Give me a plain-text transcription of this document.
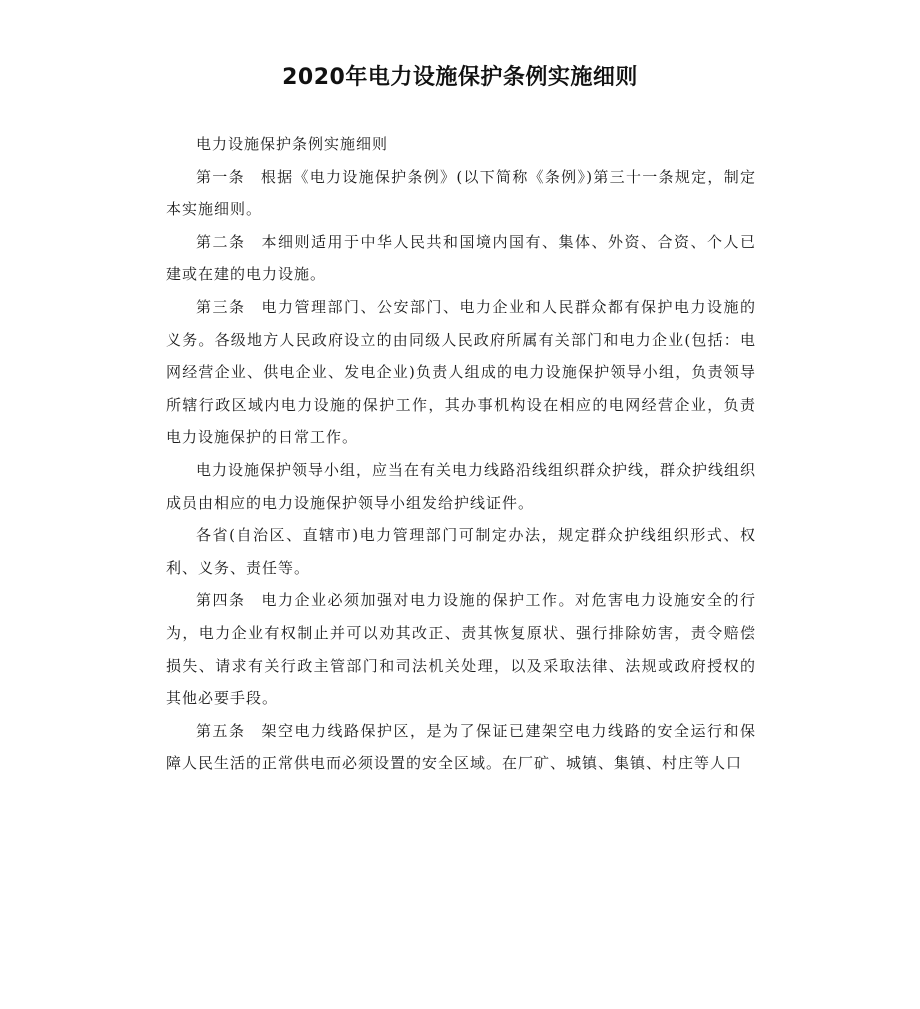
2020年电力设施保护条例实施细则

电力设施保护条例实施细则

第一条 根据《电力设施保护条例》(以下简称《条例》)第三十一条规定，制定本实施细则。

第二条 本细则适用于中华人民共和国境内国有、集体、外资、合资、个人已建或在建的电力设施。

第三条 电力管理部门、公安部门、电力企业和人民群众都有保护电力设施的义务。各级地方人民政府设立的由同级人民政府所属有关部门和电力企业(包括：电网经营企业、供电企业、发电企业)负责人组成的电力设施保护领导小组，负责领导所辖行政区域内电力设施的保护工作，其办事机构设在相应的电网经营企业，负责电力设施保护的日常工作。

电力设施保护领导小组，应当在有关电力线路沿线组织群众护线，群众护线组织成员由相应的电力设施保护领导小组发给护线证件。

各省(自治区、直辖市)电力管理部门可制定办法，规定群众护线组织形式、权利、义务、责任等。

第四条 电力企业必须加强对电力设施的保护工作。对危害电力设施安全的行为，电力企业有权制止并可以劝其改正、责其恢复原状、强行排除妨害，责令赔偿损失、请求有关行政主管部门和司法机关处理，以及采取法律、法规或政府授权的其他必要手段。

第五条 架空电力线路保护区，是为了保证已建架空电力线路的安全运行和保障人民生活的正常供电而必须设置的安全区域。在厂矿、城镇、集镇、村庄等人口
